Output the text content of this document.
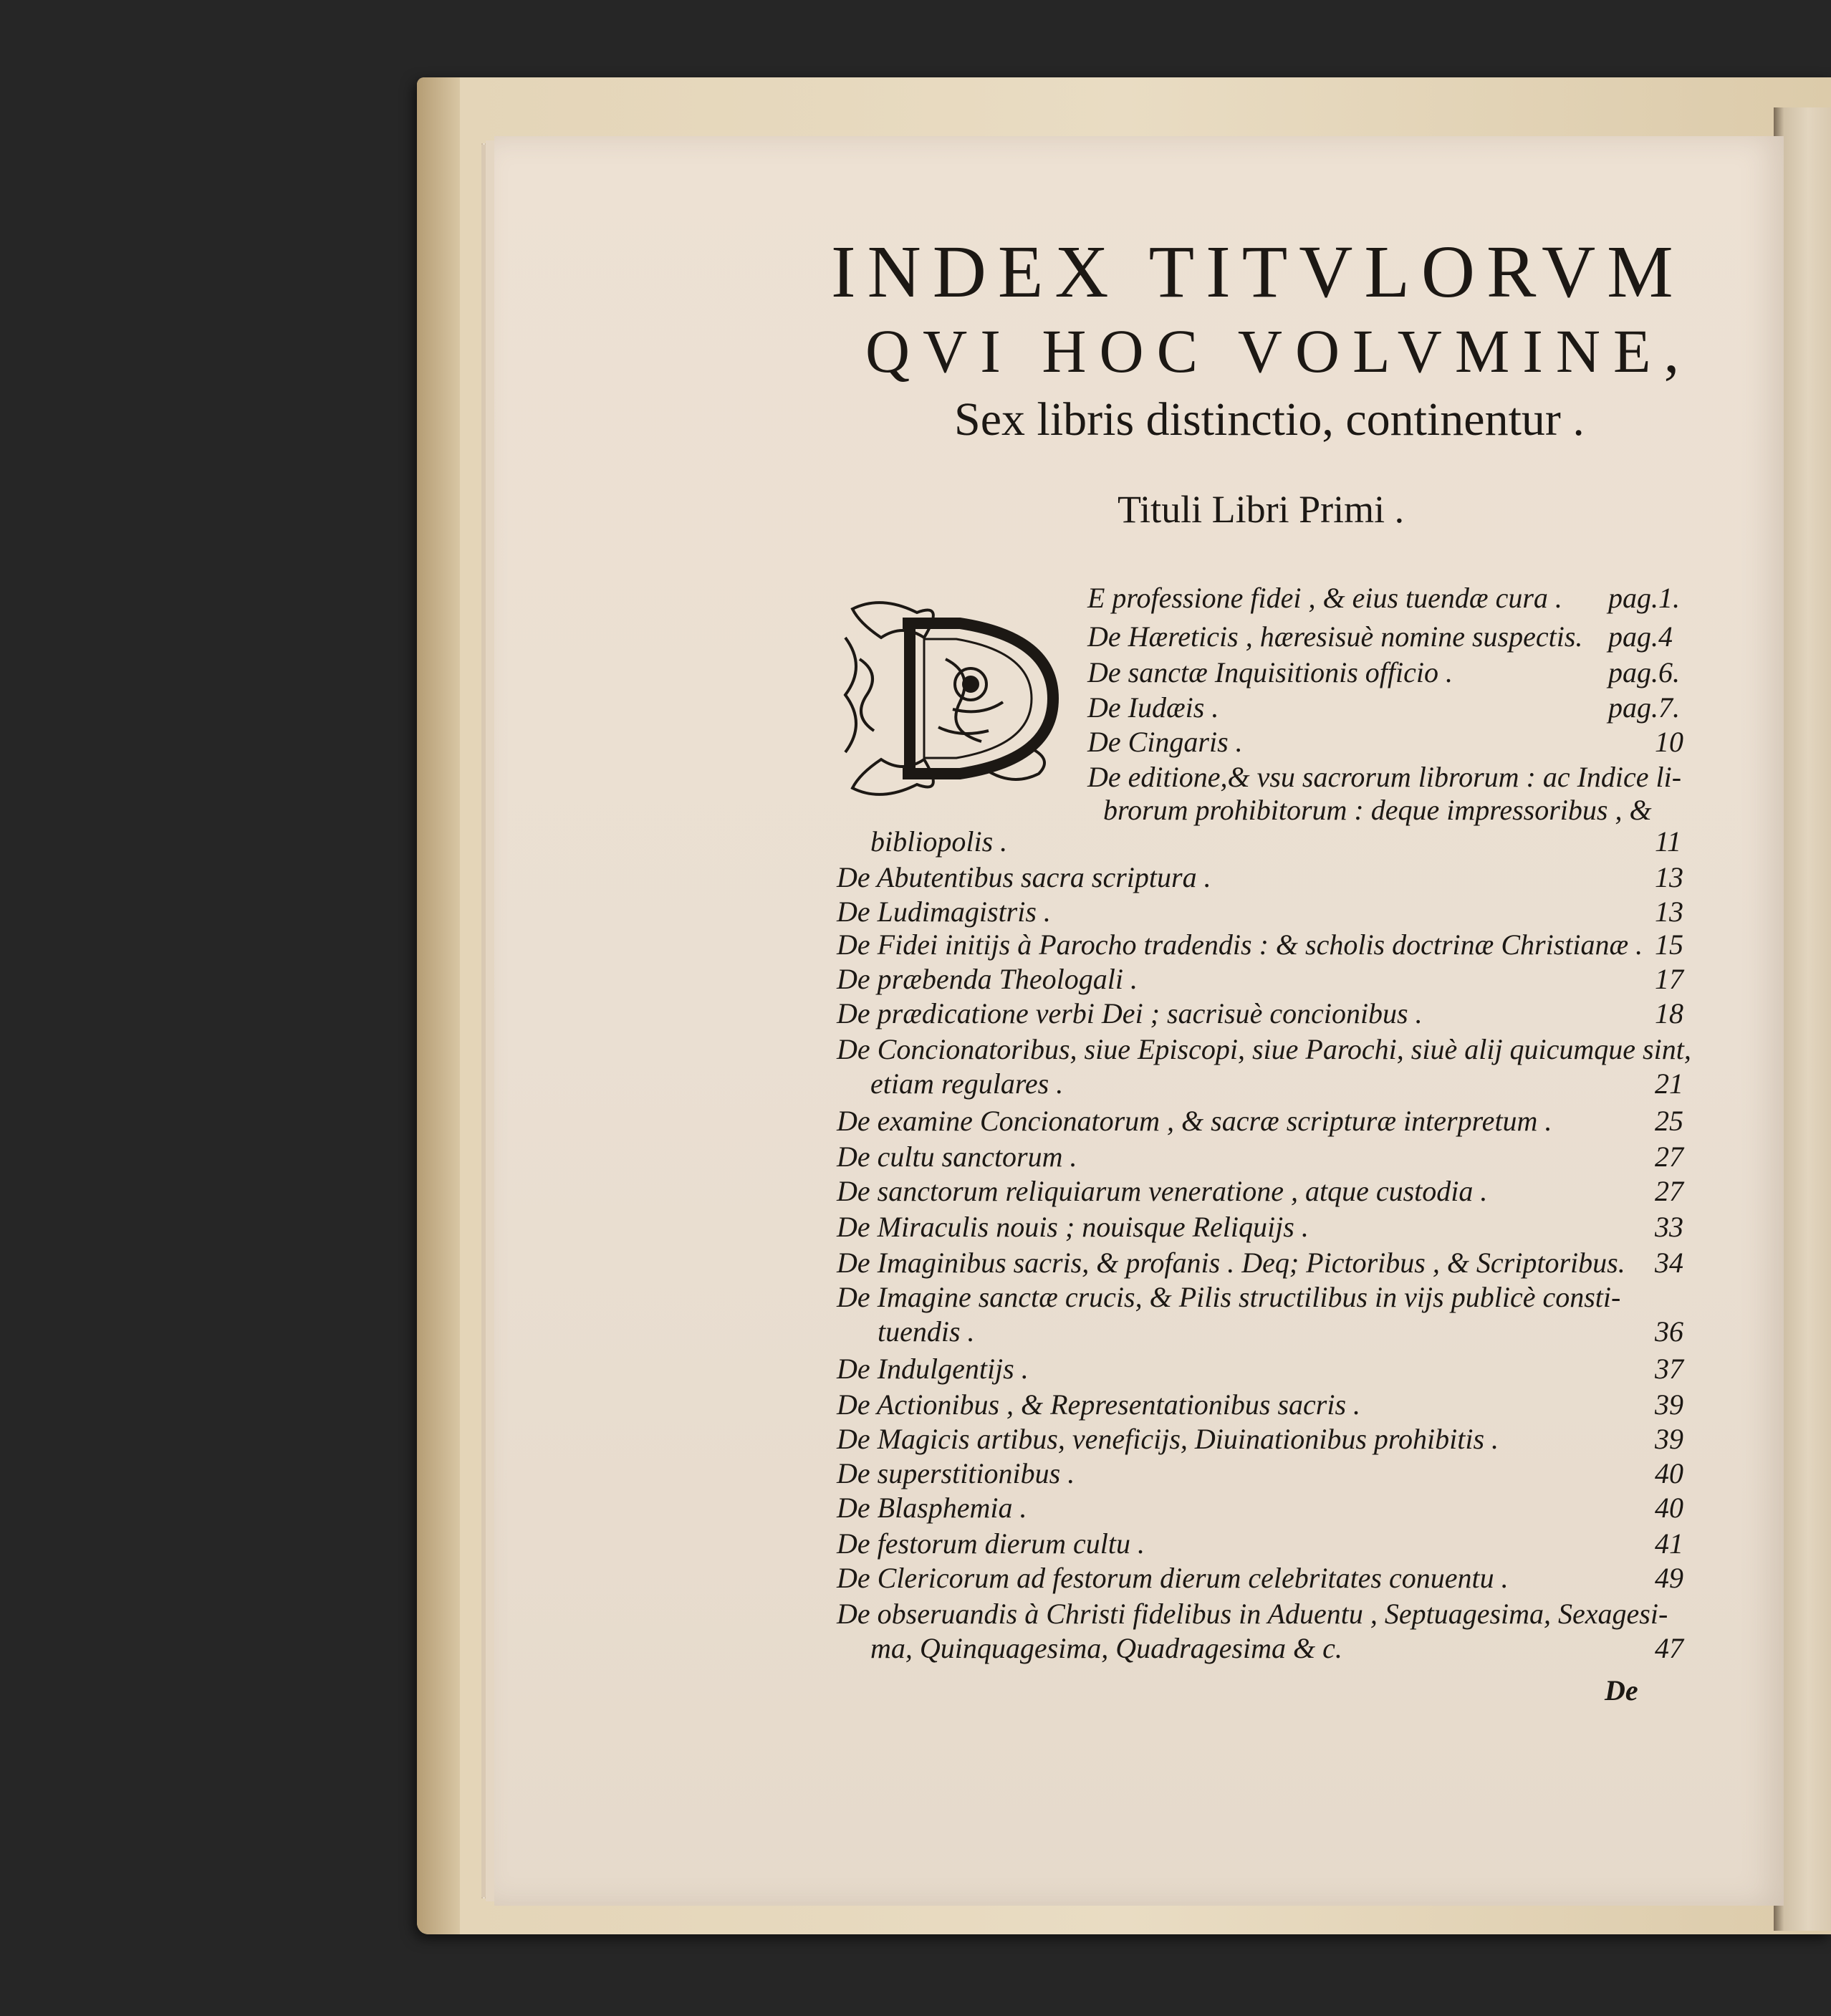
INDEX TITVLORVM
QVI HOC VOLVMINE,
Sex libris distinctio, continentur .
Tituli Libri Primi .
E professione fidei , & eius tuendæ cura . pag.1.
De Hæreticis , hæresisuè nomine suspectis. pag.4
De sanctæ Inquisitionis officio .	pag.6.
De Iudæis .	pag.7.
De Cingaris .	10
De editione,& vsu sacrorum librorum : ac Indice li-
brorum prohibitorum : deque impressoribus , &
bibliopolis .	11
De Abutentibus sacra scriptura .	13
De Ludimagistris .	13
De Fidei initijs à Parocho tradendis : & scholis doctrinæ Christianæ . 15
De præbenda Theologali .	17
De prædicatione verbi Dei ; sacrisuè concionibus .	18
De Concionatoribus, siue Episcopi, siue Parochi, siuè alij quicumque sint,
etiam regulares .	21
De examine Concionatorum , & sacræ scripturæ interpretum .	25
De cultu sanctorum .	27
De sanctorum reliquiarum veneratione , atque custodia .	27
De Miraculis nouis ; nouisque Reliquijs .	33
De Imaginibus sacris, & profanis . Deq; Pictoribus , & Scriptoribus. 34
De Imagine sanctæ crucis, & Pilis structilibus in vijs publicè consti-
tuendis .	36
De Indulgentijs .	37
De Actionibus , & Representationibus sacris .	39
De Magicis artibus, veneficijs, Diuinationibus prohibitis .	39
De superstitionibus .	40
De Blasphemia .	40
De festorum dierum cultu .	41
De Clericorum ad festorum dierum celebritates conuentu .	49
De obseruandis à Christi fidelibus in Aduentu , Septuagesima, Sexagesi-
ma, Quinquagesima, Quadragesima & c.	47
De
